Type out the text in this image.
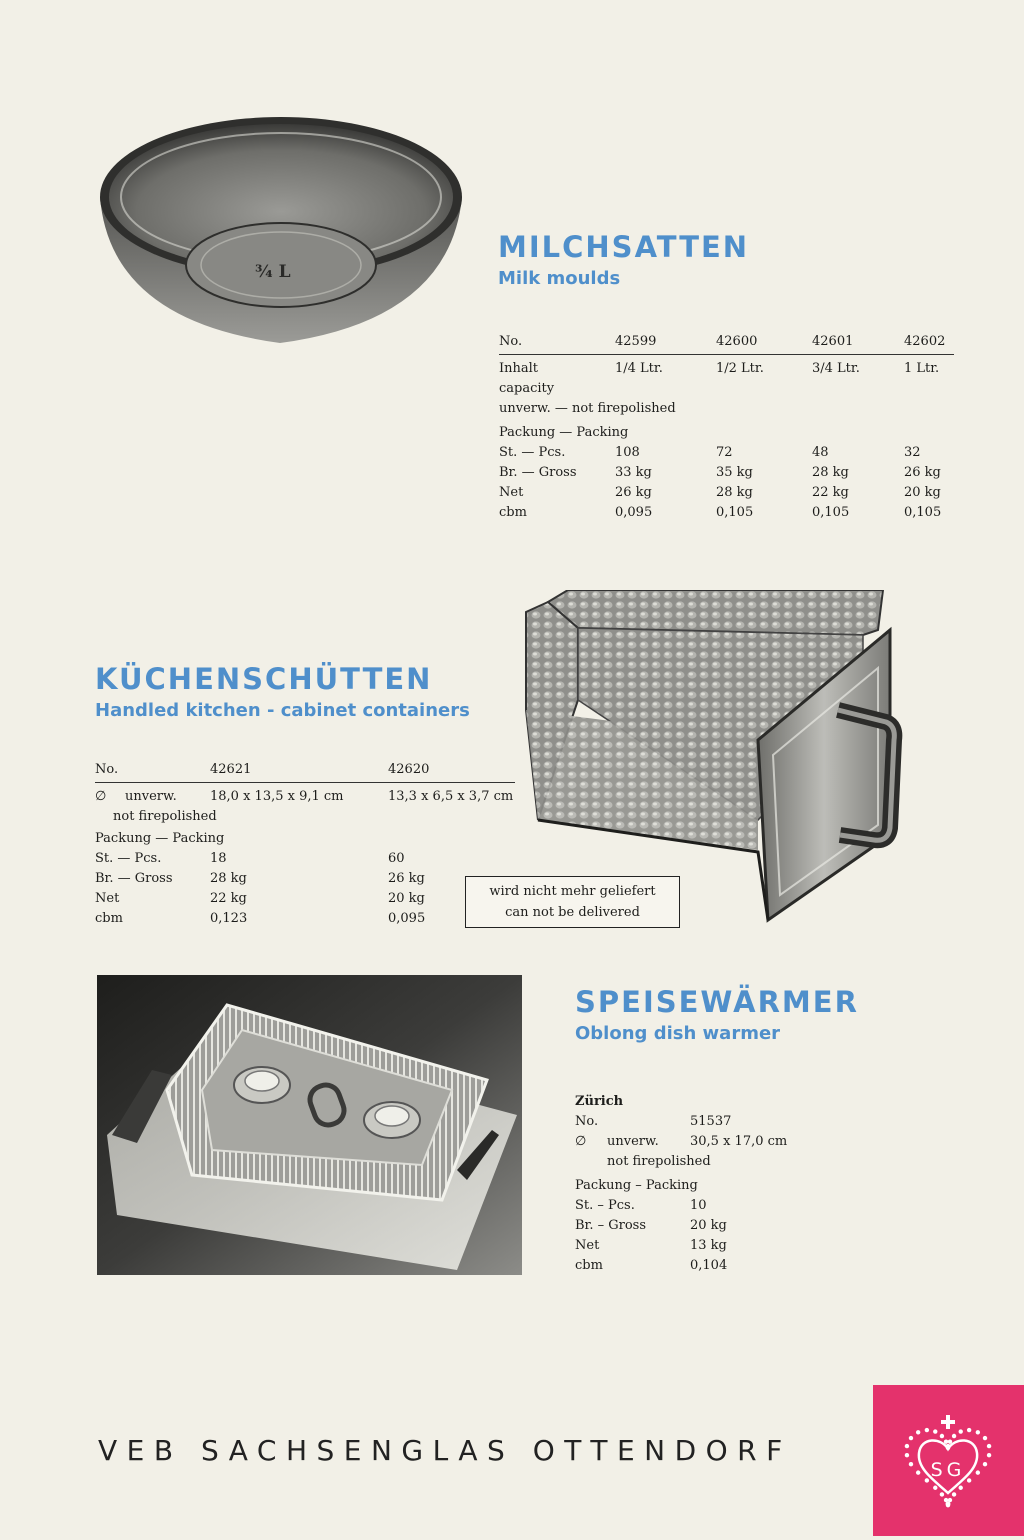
¾ L
MILCHSATTEN
Milk moulds
No.	42599	42600	42601	42602
Inhalt	1/4 Ltr.	1/2 Ltr.	3/4 Ltr.	1 Ltr.
capacity				
unverw. — not firepolished				
Packung — Packing				
St. — Pcs.	108	72	48	32
Br. — Gross	33 kg	35 kg	28 kg	26 kg
Net	26 kg	28 kg	22 kg	20 kg
cbm	0,095	0,105	0,105	0,105
KÜCHENSCHÜTTEN
Handled kitchen - cabinet containers
No.	42621	42620
∅ unverw.	18,0 x 13,5 x 9,1 cm	13,3 x 6,5 x 3,7 cm
not firepolished		
Packung — Packing		
St. — Pcs.	18	60
Br. — Gross	28 kg	26 kg
Net	22 kg	20 kg
cbm	0,123	0,095
wird nicht mehr geliefert
can not be delivered
SPEISEWÄRMER
Oblong dish warmer
Zürich	
No.	51537
∅ unverw.	30,5 x 17,0 cm
not firepolished	
Packung – Packing	
St. – Pcs.	10
Br. – Gross	20 kg
Net	13 kg
cbm	0,104
VEB SACHSENGLAS OTTENDORF
SG
